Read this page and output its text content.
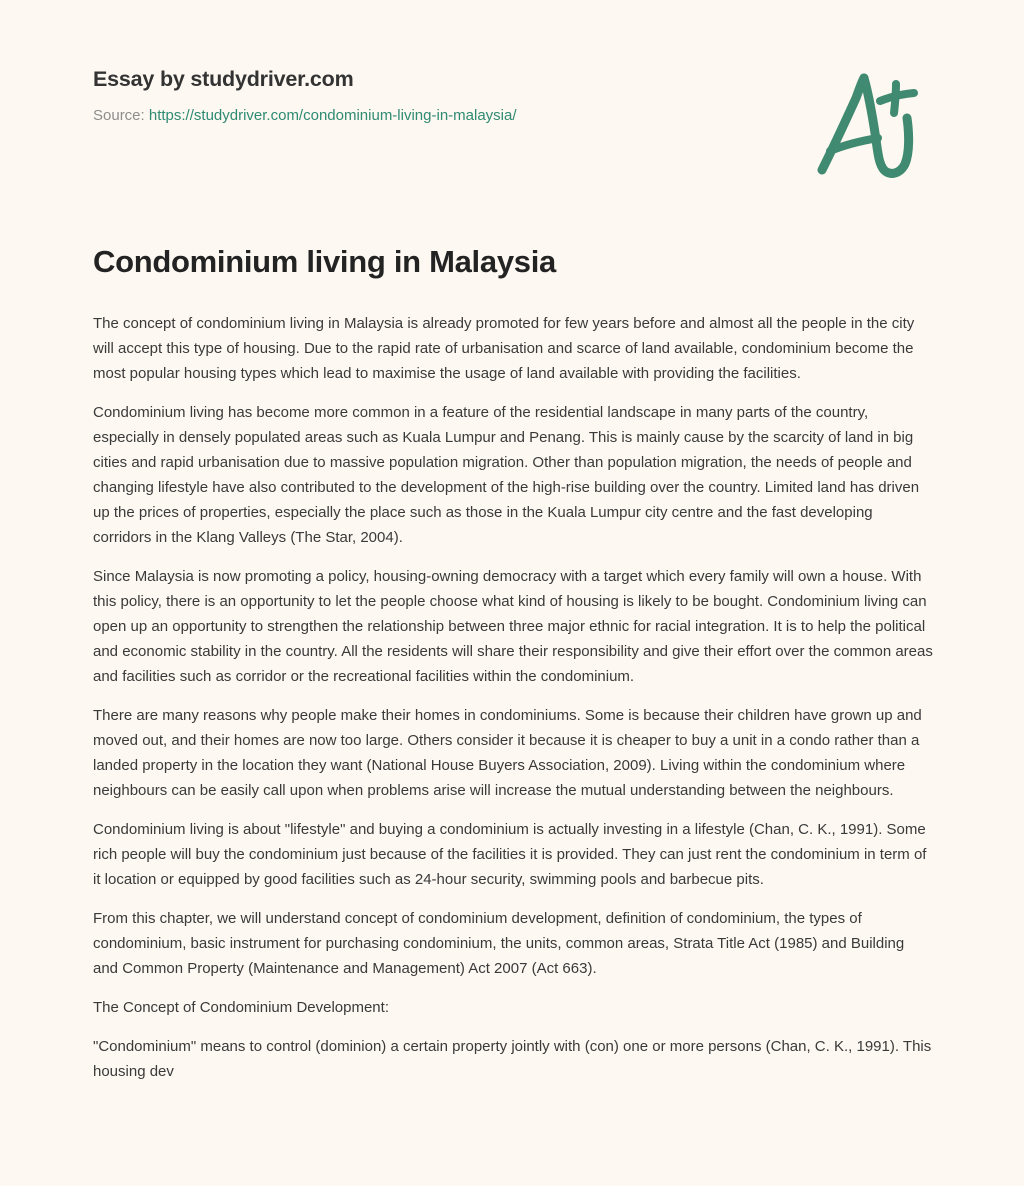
Essay by studydriver.com
Source: https://studydriver.com/condominium-living-in-malaysia/
Condominium living in Malaysia

The concept of condominium living in Malaysia is already promoted for few years before and almost all the people in the city will accept this type of housing. Due to the rapid rate of urbanisation and scarce of land available, condominium become the most popular housing types which lead to maximise the usage of land available with providing the facilities.

Condominium living has become more common in a feature of the residential landscape in many parts of the country, especially in densely populated areas such as Kuala Lumpur and Penang. This is mainly cause by the scarcity of land in big cities and rapid urbanisation due to massive population migration. Other than population migration, the needs of people and changing lifestyle have also contributed to the development of the high-rise building over the country. Limited land has driven up the prices of properties, especially the place such as those in the Kuala Lumpur city centre and the fast developing corridors in the Klang Valleys (The Star, 2004).

Since Malaysia is now promoting a policy, housing-owning democracy with a target which every family will own a house. With this policy, there is an opportunity to let the people choose what kind of housing is likely to be bought. Condominium living can open up an opportunity to strengthen the relationship between three major ethnic for racial integration. It is to help the political and economic stability in the country. All the residents will share their responsibility and give their effort over the common areas and facilities such as corridor or the recreational facilities within the condominium.

There are many reasons why people make their homes in condominiums. Some is because their children have grown up and moved out, and their homes are now too large. Others consider it because it is cheaper to buy a unit in a condo rather than a landed property in the location they want (National House Buyers Association, 2009). Living within the condominium where neighbours can be easily call upon when problems arise will increase the mutual understanding between the neighbours.

Condominium living is about "lifestyle" and buying a condominium is actually investing in a lifestyle (Chan, C. K., 1991). Some rich people will buy the condominium just because of the facilities it is provided. They can just rent the condominium in term of it location or equipped by good facilities such as 24-hour security, swimming pools and barbecue pits.

From this chapter, we will understand concept of condominium development, definition of condominium, the types of condominium, basic instrument for purchasing condominium, the units, common areas, Strata Title Act (1985) and Building and Common Property (Maintenance and Management) Act 2007 (Act 663).

The Concept of Condominium Development:

"Condominium" means to control (dominion) a certain property jointly with (con) one or more persons (Chan, C. K., 1991). This housing dev
